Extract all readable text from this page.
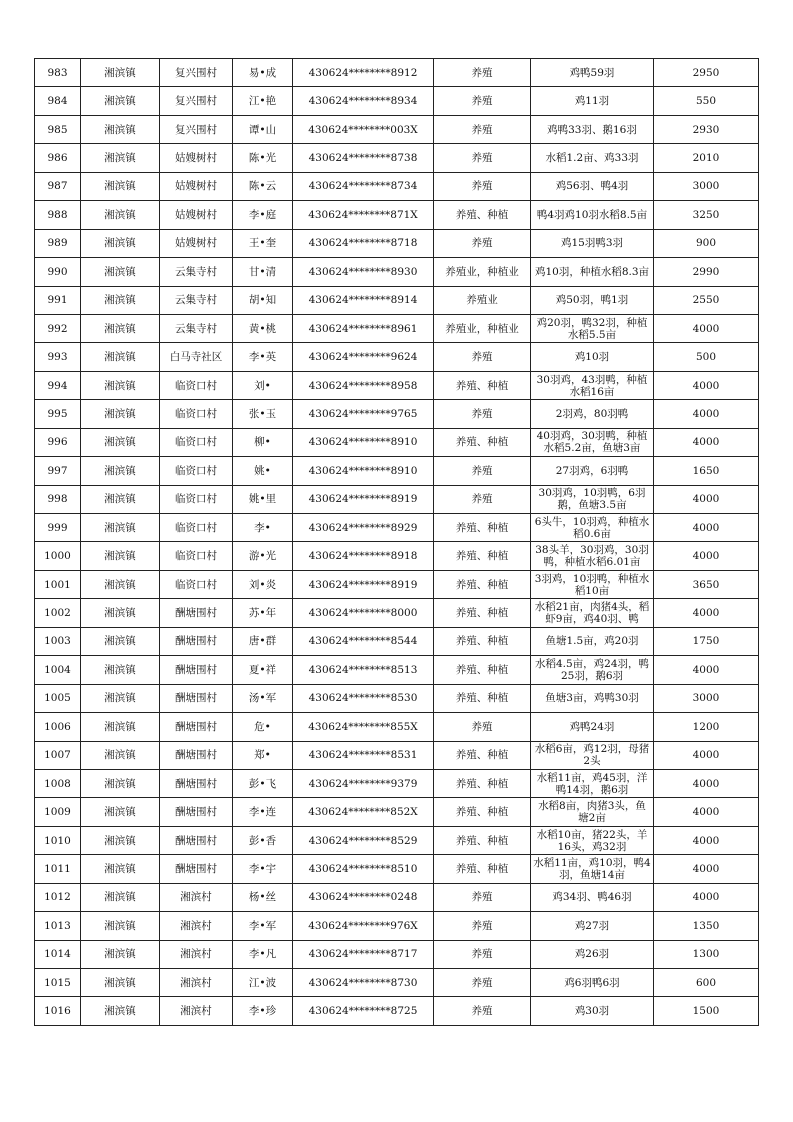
983	湘滨镇	复兴围村	易•成	430624********8912	养殖	鸡鸭59羽	2950
984	湘滨镇	复兴围村	江•艳	430624********8934	养殖	鸡11羽	550
985	湘滨镇	复兴围村	谭•山	430624********003X	养殖	鸡鸭33羽、鹅16羽	2930
986	湘滨镇	姑嫂树村	陈•光	430624********8738	养殖	水稻1.2亩、鸡33羽	2010
987	湘滨镇	姑嫂树村	陈•云	430624********8734	养殖	鸡56羽、鸭4羽	3000
988	湘滨镇	姑嫂树村	李•庭	430624********871X	养殖、种植	鸭4羽鸡10羽水稻8.5亩	3250
989	湘滨镇	姑嫂树村	王•奎	430624********8718	养殖	鸡15羽鸭3羽	900
990	湘滨镇	云集寺村	甘•清	430624********8930	养殖业，种植业	鸡10羽，种植水稻8.3亩	2990
991	湘滨镇	云集寺村	胡•知	430624********8914	养殖业	鸡50羽，鸭1羽	2550
992	湘滨镇	云集寺村	黄•桃	430624********8961	养殖业，种植业	鸡20羽，鸭32羽，种植水稻5.5亩	4000
993	湘滨镇	白马寺社区	李•英	430624********9624	养殖	鸡10羽	500
994	湘滨镇	临资口村	刘•	430624********8958	养殖、种植	30羽鸡，43羽鸭，种植水稻16亩	4000
995	湘滨镇	临资口村	张•玉	430624********9765	养殖	2羽鸡，80羽鸭	4000
996	湘滨镇	临资口村	柳•	430624********8910	养殖、种植	40羽鸡，30羽鸭，种植水稻5.2亩，鱼塘3亩	4000
997	湘滨镇	临资口村	姚•	430624********8910	养殖	27羽鸡，6羽鸭	1650
998	湘滨镇	临资口村	姚•里	430624********8919	养殖	30羽鸡，10羽鸭，6羽鹅，鱼塘3.5亩	4000
999	湘滨镇	临资口村	李•	430624********8929	养殖、种植	6头牛，10羽鸡，种植水稻0.6亩	4000
1000	湘滨镇	临资口村	游•光	430624********8918	养殖、种植	38头羊，30羽鸡，30羽鸭，种植水稻6.01亩	4000
1001	湘滨镇	临资口村	刘•炎	430624********8919	养殖、种植	3羽鸡，10羽鸭，种植水稻10亩	3650
1002	湘滨镇	酬塘围村	苏•年	430624********8000	养殖、种植	水稻21亩，肉猪4头，稻虾9亩，鸡40羽、鸭	4000
1003	湘滨镇	酬塘围村	唐•群	430624********8544	养殖、种植	鱼塘1.5亩，鸡20羽	1750
1004	湘滨镇	酬塘围村	夏•祥	430624********8513	养殖、种植	水稻4.5亩，鸡24羽，鸭25羽，鹅6羽	4000
1005	湘滨镇	酬塘围村	汤•军	430624********8530	养殖、种植	鱼塘3亩，鸡鸭30羽	3000
1006	湘滨镇	酬塘围村	危•	430624********855X	养殖	鸡鸭24羽	1200
1007	湘滨镇	酬塘围村	郑•	430624********8531	养殖、种植	水稻6亩，鸡12羽，母猪2头	4000
1008	湘滨镇	酬塘围村	彭•飞	430624********9379	养殖、种植	水稻11亩，鸡45羽，洋鸭14羽，鹅6羽	4000
1009	湘滨镇	酬塘围村	李•连	430624********852X	养殖、种植	水稻8亩，肉猪3头，鱼塘2亩	4000
1010	湘滨镇	酬塘围村	彭•香	430624********8529	养殖、种植	水稻10亩，猪22头，羊16头，鸡32羽	4000
1011	湘滨镇	酬塘围村	李•宇	430624********8510	养殖、种植	水稻11亩，鸡10羽，鸭4羽，鱼塘14亩	4000
1012	湘滨镇	湘滨村	杨•丝	430624********0248	养殖	鸡34羽、鸭46羽	4000
1013	湘滨镇	湘滨村	李•军	430624********976X	养殖	鸡27羽	1350
1014	湘滨镇	湘滨村	李•凡	430624********8717	养殖	鸡26羽	1300
1015	湘滨镇	湘滨村	江•波	430624********8730	养殖	鸡6羽鸭6羽	600
1016	湘滨镇	湘滨村	李•珍	430624********8725	养殖	鸡30羽	1500
